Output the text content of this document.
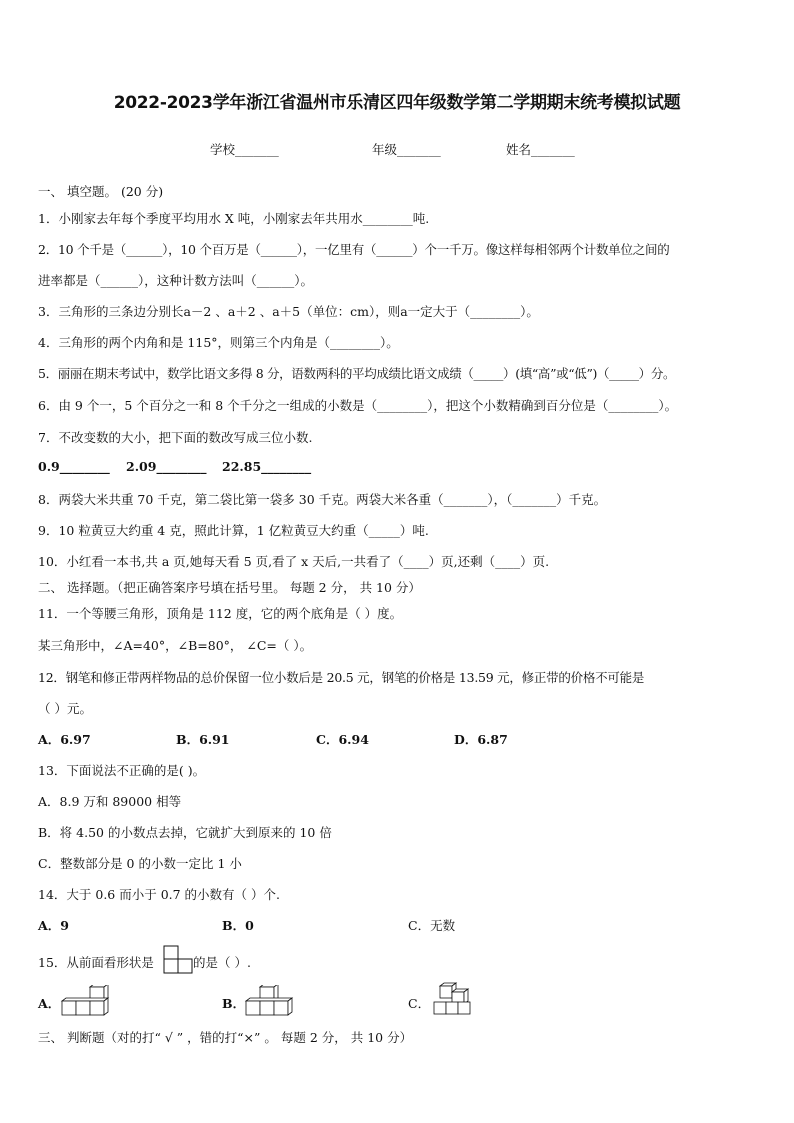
2022-2023学年浙江省温州市乐清区四年级数学第二学期期末统考模拟试题
学校_______	年级_______	姓名_______
一、 填空题。 (20 分)
1．小刚家去年每个季度平均用水 X 吨，小刚家去年共用水________吨.
2．10 个千是（______），10 个百万是（______），一亿里有（______）个一千万。像这样每相邻两个计数单位之间的
进率都是（______），这种计数方法叫（______）。
3．三角形的三条边分别长a－2 、a＋2 、a＋5（单位：cm），则a一定大于（________）。
4．三角形的两个内角和是 115°，则第三个内角是（________）。
5．丽丽在期末考试中，数学比语文多得 8 分，语数两科的平均成绩比语文成绩（_____）(填“高”或“低”)（_____）分。
6．由 9 个一，5 个百分之一和 8 个千分之一组成的小数是（________），把这个小数精确到百分位是（________）。
7．不改变数的大小，把下面的数改写成三位小数.
0.9________ 2.09________ 22.85________
8．两袋大米共重 70 千克，第二袋比第一袋多 30 千克。两袋大米各重（_______），（_______）千克。
9．10 粒黄豆大约重 4 克，照此计算，1 亿粒黄豆大约重（_____）吨.
10．小红看一本书,共 a 页,她每天看 5 页,看了 x 天后,一共看了（____）页,还剩（____）页.
二、 选择题。（把正确答案序号填在括号里。 每题 2 分， 共 10 分）
11．一个等腰三角形，顶角是 112 度，它的两个底角是（ ）度。
某三角形中，∠A=40°，∠B=80°， ∠C=（ ）。
12．钢笔和修正带两样物品的总价保留一位小数后是 20.5 元，钢笔的价格是 13.59 元，修正带的价格不可能是
（ ）元。
A．6.97	B．6.91	C．6.94	D．6.87
13．下面说法不正确的是( )。
A．8.9 万和 89000 相等
B．将 4.50 的小数点去掉，它就扩大到原来的 10 倍
C．整数部分是 0 的小数一定比 1 小
14．大于 0.6 而小于 0.7 的小数有（ ）个.
A．9	B．0	C．无数
15．从前面看形状是	的是（ ）.
A．	B．	C．
三、 判断题（对的打“ √ ” ，错的打“×” 。 每题 2 分， 共 10 分）
